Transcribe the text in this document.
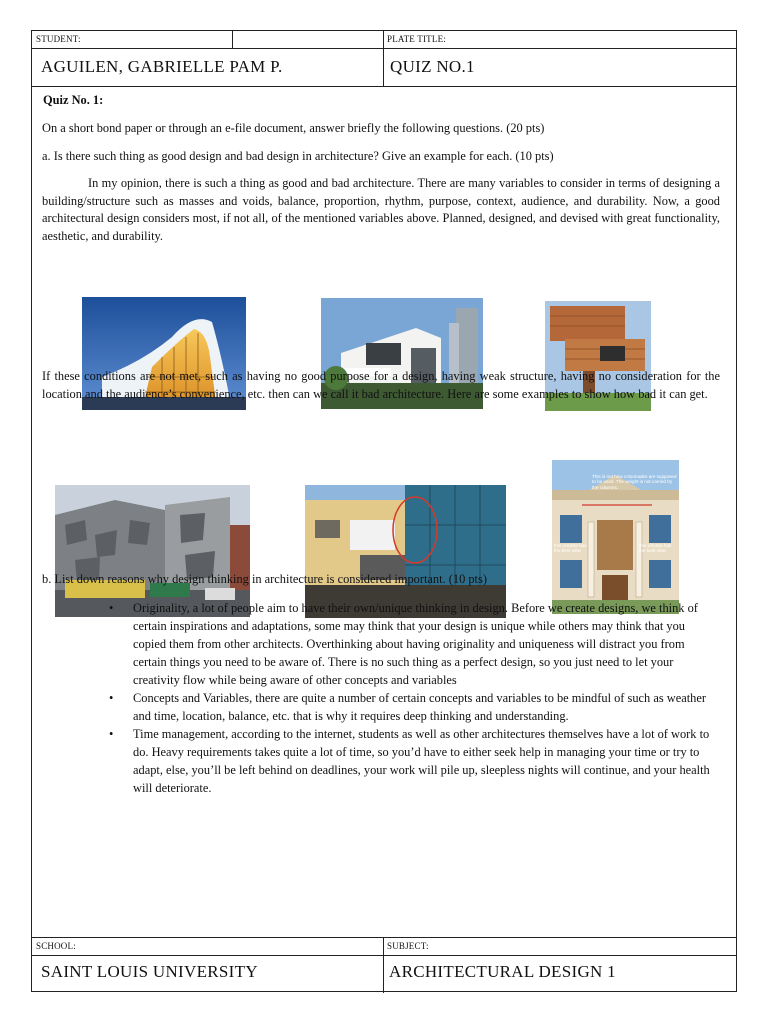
STUDENT:
AGUILEN, GABRIELLE PAM P.
PLATE TITLE:
QUIZ NO.1
SCHOOL:
SAINT LOUIS UNIVERSITY
SUBJECT:
ARCHITECTURAL DESIGN 1
Quiz No. 1:
On a short bond paper or through an e-file document, answer briefly the following questions. (20 pts)
a. Is there such thing as good design and bad design in architecture? Give an example for each. (10 pts)
In my opinion, there is such a thing as good and bad architecture. There are many variables to consider in terms of designing a building/structure such as masses and voids, balance, proportion, rhythm, purpose, context, audience, and durability. Now, a good architectural design considers most, if not all, of the mentioned variables above. Planned, designed, and devised with great functionality, aesthetic, and durability.
If these conditions are not met, such as having no good purpose for a design, having weak structure, having no consideration for the location and the audience’s convenience, etc. then can we call it bad architecture. Here are some examples to show how bad it can get.
This is not how colonnades are supposed to be used. The weight is not carried by the columns.
this window has the best view
this window has the best view
b. List down reasons why design thinking in architecture is considered important. (10 pts)
• Originality, a lot of people aim to have their own/unique thinking in design. Before we create designs, we think of certain inspirations and adaptations, some may think that your design is unique while others may think that you copied them from other architects. Overthinking about having originality and uniqueness will distract you from certain things you need to be aware of. There is no such thing as a perfect design, so you just need to let your creativity flow while being aware of other concepts and variables
• Concepts and Variables, there are quite a number of certain concepts and variables to be mindful of such as weather and time, location, balance, etc. that is why it requires deep thinking and understanding.
• Time management, according to the internet, students as well as other architectures themselves have a lot of work to do. Heavy requirements takes quite a lot of time, so you’d have to either seek help in managing your time or try to adapt, else, you’ll be left behind on deadlines, your work will pile up, sleepless nights will continue, and your health will deteriorate.
